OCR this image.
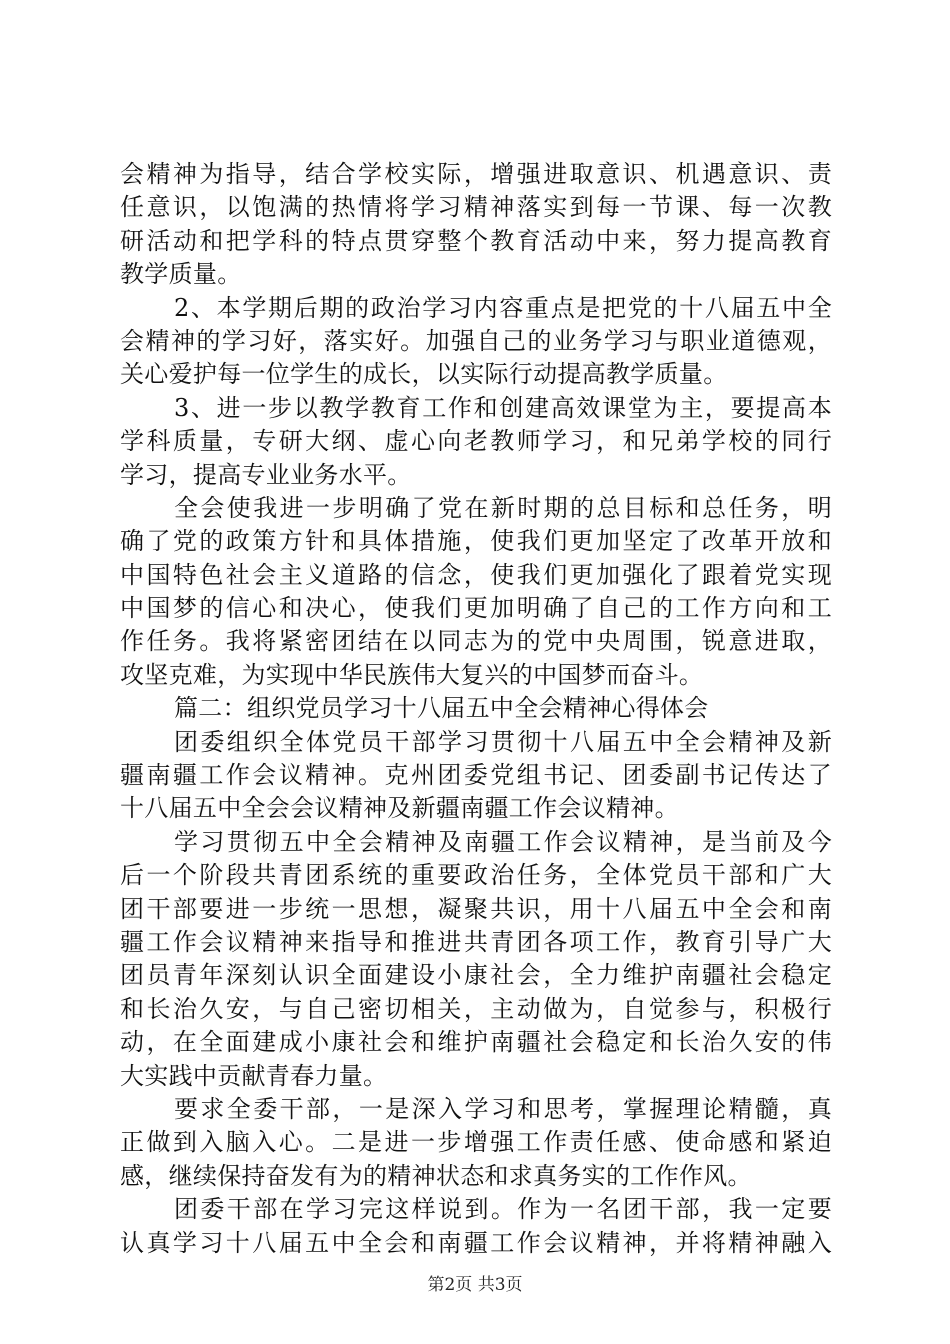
会精神为指导，结合学校实际，增强进取意识、机遇意识、责
任意识，以饱满的热情将学习精神落实到每一节课、每一次教
研活动和把学科的特点贯穿整个教育活动中来，努力提高教育
教学质量。
2、本学期后期的政治学习内容重点是把党的十八届五中全
会精神的学习好，落实好。加强自己的业务学习与职业道德观，
关心爱护每一位学生的成长，以实际行动提高教学质量。
3、进一步以教学教育工作和创建高效课堂为主，要提高本
学科质量，专研大纲、虚心向老教师学习，和兄弟学校的同行
学习，提高专业业务水平。
全会使我进一步明确了党在新时期的总目标和总任务，明
确了党的政策方针和具体措施，使我们更加坚定了改革开放和
中国特色社会主义道路的信念，使我们更加强化了跟着党实现
中国梦的信心和决心，使我们更加明确了自己的工作方向和工
作任务。我将紧密团结在以同志为的党中央周围，锐意进取，
攻坚克难，为实现中华民族伟大复兴的中国梦而奋斗。
篇二：组织党员学习十八届五中全会精神心得体会
团委组织全体党员干部学习贯彻十八届五中全会精神及新
疆南疆工作会议精神。克州团委党组书记、团委副书记传达了
十八届五中全会会议精神及新疆南疆工作会议精神。
学习贯彻五中全会精神及南疆工作会议精神，是当前及今
后一个阶段共青团系统的重要政治任务，全体党员干部和广大
团干部要进一步统一思想，凝聚共识，用十八届五中全会和南
疆工作会议精神来指导和推进共青团各项工作，教育引导广大
团员青年深刻认识全面建设小康社会，全力维护南疆社会稳定
和长治久安，与自己密切相关，主动做为，自觉参与，积极行
动，在全面建成小康社会和维护南疆社会稳定和长治久安的伟
大实践中贡献青春力量。
要求全委干部，一是深入学习和思考，掌握理论精髓，真
正做到入脑入心。二是进一步增强工作责任感、使命感和紧迫
感，继续保持奋发有为的精神状态和求真务实的工作作风。
团委干部在学习完这样说到。作为一名团干部，我一定要
认真学习十八届五中全会和南疆工作会议精神，并将精神融入
第2页 共3页
